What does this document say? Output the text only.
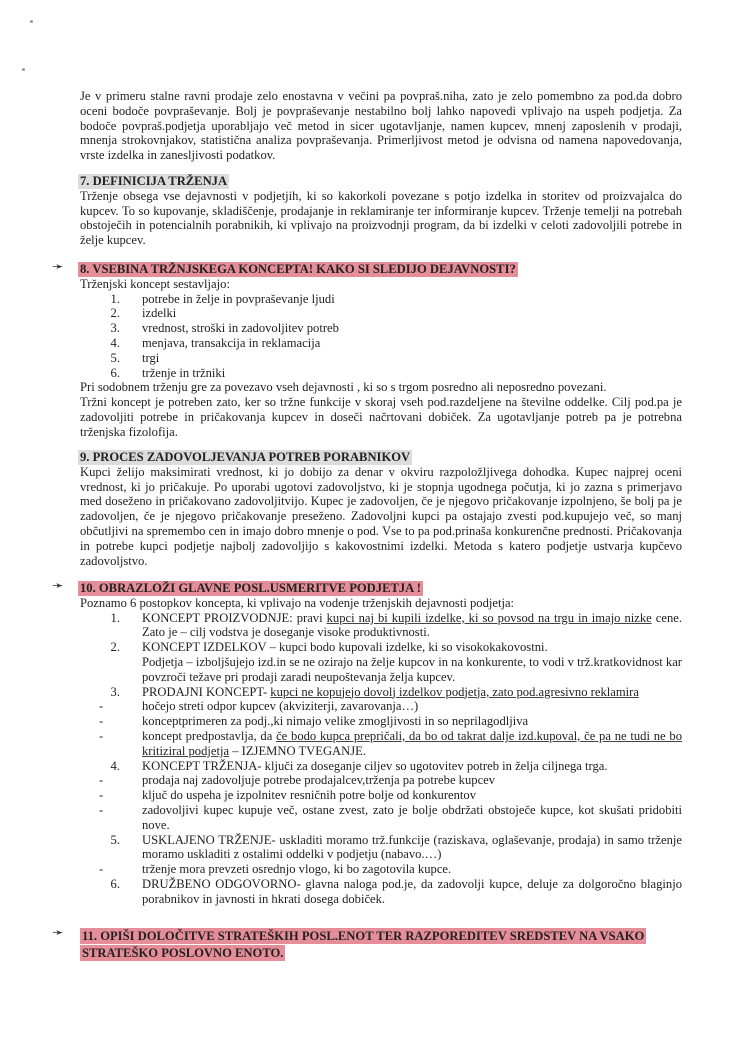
Je v primeru stalne ravni prodaje zelo enostavna v večini pa povpraš.niha, zato je zelo pomembno za pod.da dobro oceni bodoče povpraševanje. Bolj je povpraševanje nestabilno bolj lahko napovedi vplivajo na uspeh podjetja. Za bodoče povpraš.podjetja uporabljajo več metod in sicer ugotavljanje, namen kupcev, mnenj zaposlenih v prodaji, mnenja strokovnjakov, statistična analiza povpraševanja. Primerljivost metod je odvisna od namena napovedovanja, vrste izdelka in zanesljivosti podatkov.

7. DEFINICIJA TRŽENJA

Trženje obsega vse dejavnosti v podjetjih, ki so kakorkoli povezane s potjo izdelka in storitev od proizvajalca do kupcev. To so kupovanje, skladiščenje, prodajanje in reklamiranje ter informiranje kupcev. Trženje temelji na potrebah obstoječih in potencialnih porabnikih, ki vplivajo na proizvodnji program, da bi izdelki v celoti zadovoljili potrebe in želje kupcev.

➛ 8. VSEBINA TRŽNJSKEGA KONCEPTA! KAKO SI SLEDIJO DEJAVNOSTI?

Trženjski koncept sestavljajo:

1.	potrebe in želje in povpraševanje ljudi
2.	izdelki
3.	vrednost, stroški in zadovoljitev potreb
4.	menjava, transakcija in reklamacija
5.	trgi
6.	trženje in tržniki

Pri sodobnem trženju gre za povezavo vseh dejavnosti , ki so s trgom posredno ali neposredno povezani.

Tržni koncept je potreben zato, ker so tržne funkcije v skoraj vseh pod.razdeljene na številne oddelke. Cilj pod.pa je zadovoljiti potrebe in pričakovanja kupcev in doseči načrtovani dobiček. Za ugotavljanje potreb pa je potrebna trženjska fizolofija.

9. PROCES ZADOVOLJEVANJA POTREB PORABNIKOV

Kupci želijo maksimirati vrednost, ki jo dobijo za denar v okviru razpoložljivega dohodka. Kupec najprej oceni vrednost, ki jo pričakuje. Po uporabi ugotovi zadovoljstvo, ki je stopnja ugodnega počutja, ki jo zazna s primerjavo med doseženo in pričakovano zadovoljitvijo. Kupec je zadovoljen, če je njegovo pričakovanje izpolnjeno, še bolj pa je zadovoljen, če je njegovo pričakovanje preseženo. Zadovoljni kupci pa ostajajo zvesti pod.kupujejo več, so manj občutljivi na spremembo cen in imajo dobro mnenje o pod. Vse to pa pod.prinaša konkurenčne prednosti. Pričakovanja in potrebe kupci podjetje najbolj zadovoljijo s kakovostnimi izdelki. Metoda s katero podjetje ustvarja kupčevo zadovoljstvo.

➛ 10. OBRAZLOŽI GLAVNE POSL.USMERITVE PODJETJA !

Poznamo 6 postopkov koncepta, ki vplivajo na vodenje trženjskih dejavnosti podjetja:

1.	KONCEPT PROIZVODNJE: pravi kupci naj bi kupili izdelke, ki so povsod na trgu in imajo nizke cene. Zato je – cilj vodstva je doseganje visoke produktivnosti.
2.	KONCEPT IZDELKOV – kupci bodo kupovali izdelke, ki so visokokakovostni.
Podjetja – izboljšujejo izd.in se ne ozirajo na želje kupcov in na konkurente, to vodi v trž.kratkovidnost kar povzroči težave pri prodaji zaradi neupoštevanja želja kupcev.
3.	PRODAJNI KONCEPT- kupci ne kopujejo dovolj izdelkov podjetja, zato pod.agresivno reklamira
-	hočejo streti odpor kupcev (akviziterji, zavarovanja…)
-	konceptprimeren za podj.,ki nimajo velike zmogljivosti in so neprilagodljiva
-	koncept predpostavlja, da če bodo kupca prepričali, da bo od takrat dalje izd.kupoval, če pa ne tudi ne bo kritiziral podjetja – IZJEMNO TVEGANJE.
4.	KONCEPT TRŽENJA- ključi za doseganje ciljev so ugotovitev potreb in želja ciljnega trga.
-	prodaja naj zadovoljuje potrebe prodajalcev,trženja pa potrebe kupcev
-	ključ do uspeha je izpolnitev resničnih potre bolje od konkurentov
-	zadovoljivi kupec kupuje več, ostane zvest, zato je bolje obdržati obstoječe kupce, kot skušati pridobiti nove.
5.	USKLAJENO TRŽENJE- uskladiti moramo trž.funkcije (raziskava, oglaševanje, prodaja) in samo trženje moramo uskladiti z ostalimi oddelki v podjetju (nabavo.…)
-	trženje mora prevzeti osrednjo vlogo, ki bo zagotovila kupce.
6.	DRUŽBENO ODGOVORNO- glavna naloga pod.je, da zadovolji kupce, deluje za dolgoročno blaginjo porabnikov in javnosti in hkrati dosega dobiček.
➛ 11. OPIŠI DOLOČITVE STRATEŠKIH POSL.ENOT TER RAZPOREDITEV SREDSTEV NA VSAKO STRATEŠKO POSLOVNO ENOTO.
